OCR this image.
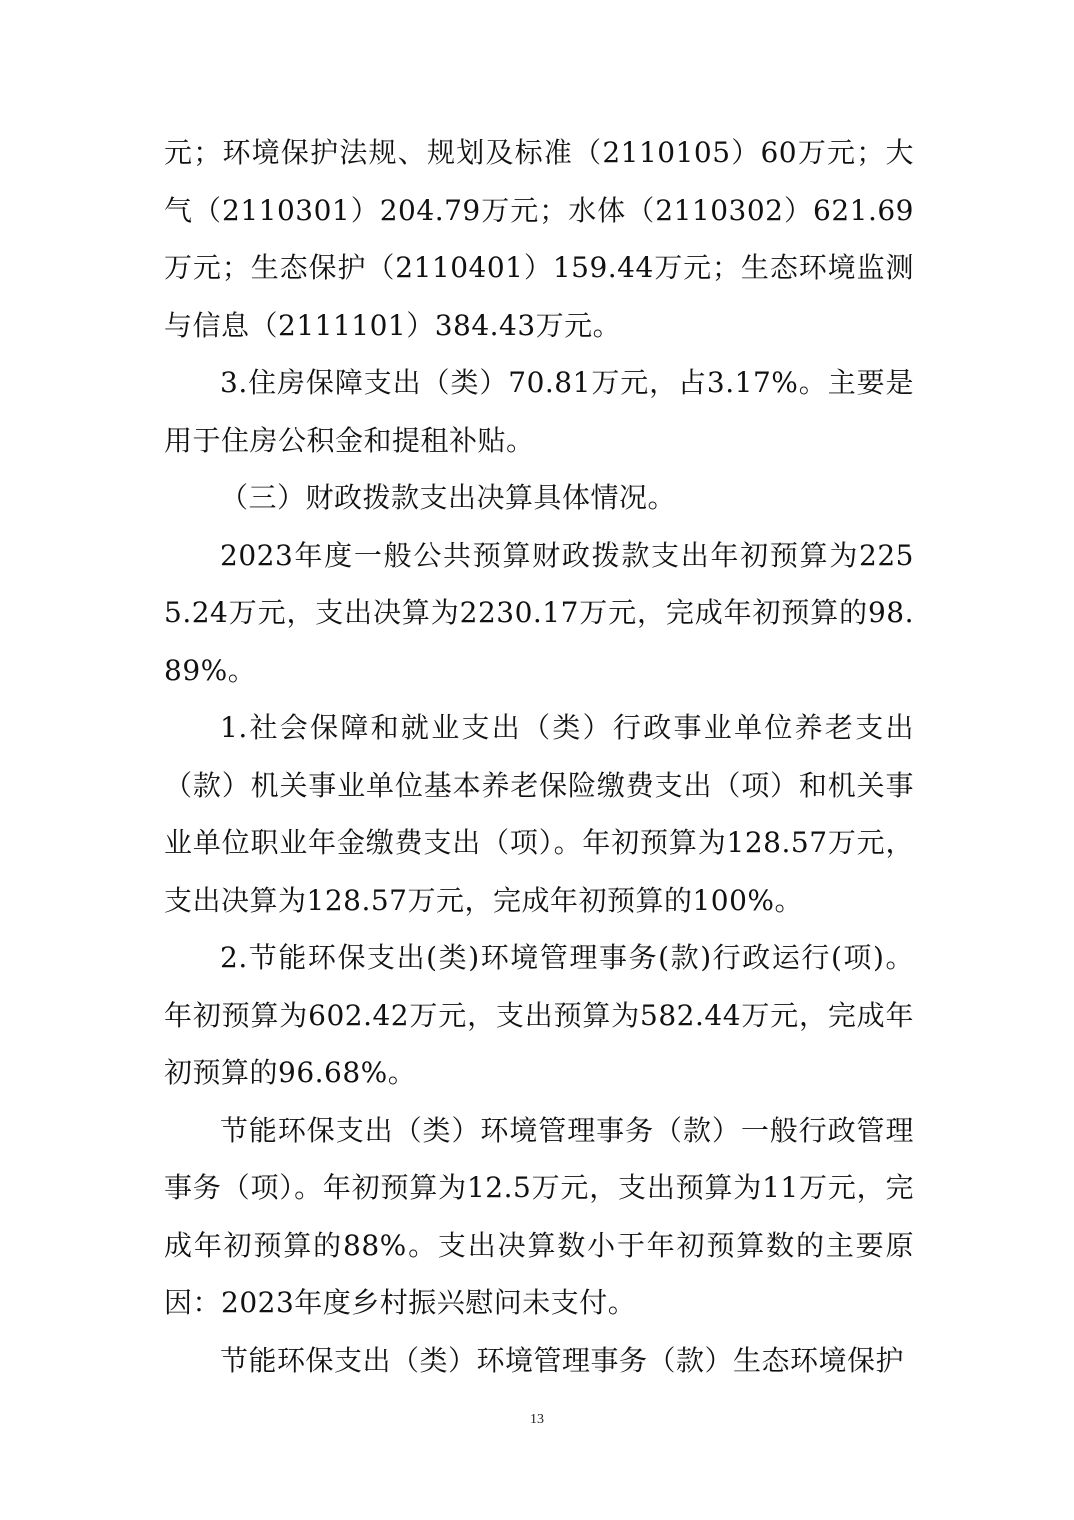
元；环境保护法规、规划及标准（2110105）60万元；大气（2110301）204.79万元；水体（2110302）621.69万元；生态保护（2110401）159.44万元；生态环境监测与信息（2111101）384.43万元。

3.住房保障支出（类）70.81万元，占3.17%。主要是用于住房公积金和提租补贴。

（三）财政拨款支出决算具体情况。

2023年度一般公共预算财政拨款支出年初预算为2255.24万元，支出决算为2230.17万元，完成年初预算的98.89%。

1.社会保障和就业支出（类）行政事业单位养老支出（款）机关事业单位基本养老保险缴费支出（项）和机关事业单位职业年金缴费支出（项）。年初预算为128.57万元，支出决算为128.57万元，完成年初预算的100%。

2.节能环保支出(类)环境管理事务(款)行政运行(项)。年初预算为602.42万元，支出预算为582.44万元，完成年初预算的96.68%。

节能环保支出（类）环境管理事务（款）一般行政管理事务（项）。年初预算为12.5万元，支出预算为11万元，完成年初预算的88%。支出决算数小于年初预算数的主要原因：2023年度乡村振兴慰问未支付。

节能环保支出（类）环境管理事务（款）生态环境保护

13
